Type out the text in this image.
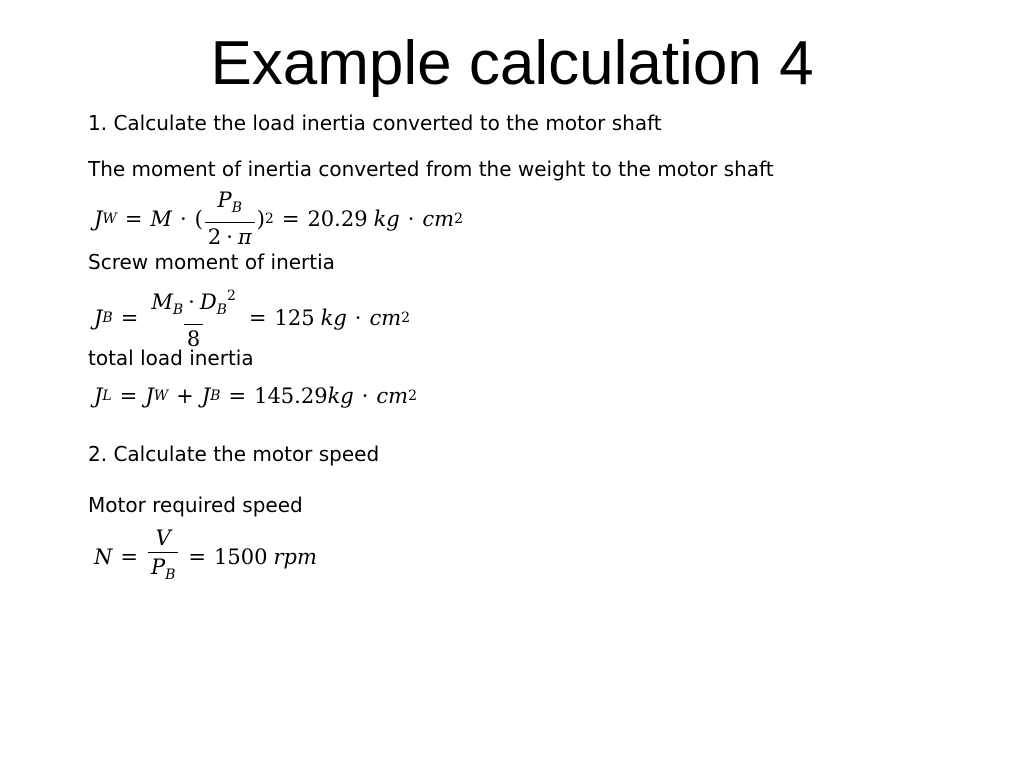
Example calculation 4
1. Calculate the load inertia converted to the motor shaft
The moment of inertia converted from the weight to the motor shaft
J W = M · ( $\frac{P_B}{2 \cdot \pi}$ ) 2 = 20.29 kg · cm 2
Screw moment of inertia
J $B = \frac{M_B \cdot D_B^2}{8} = 125$ kg · cm 2
total load inertia
J L = J W + J B = 145.29 kg · cm 2
2. Calculate the motor speed
Motor required speed
$N = \frac{V}{P_B} = 1500$ rpm
